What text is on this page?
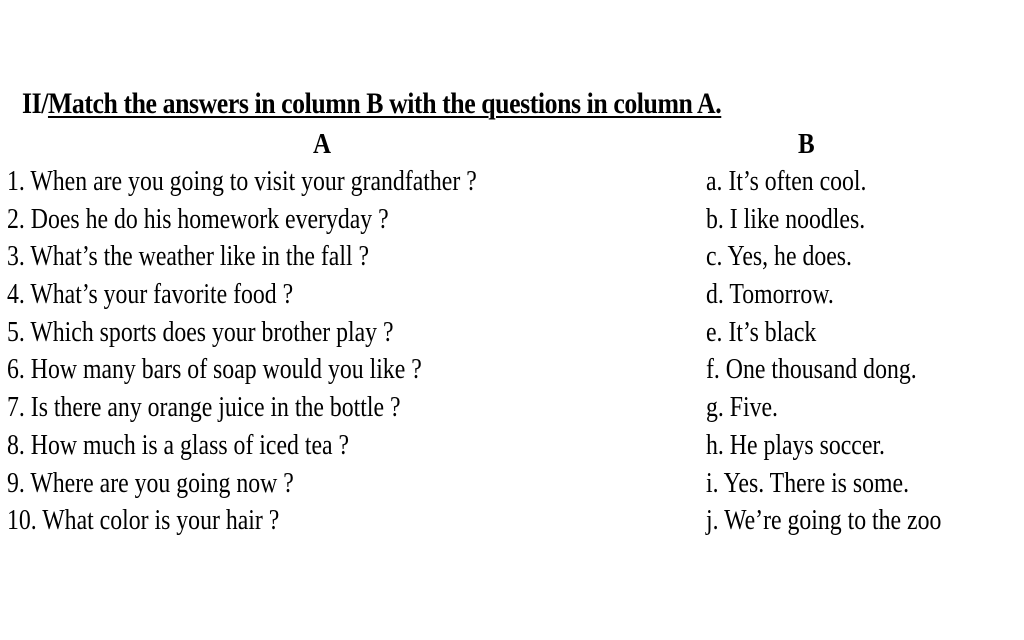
II/Match the answers in column B with the questions in column A.
A	B
1. When are you going to visit your grandfather ?
2. Does he do his homework everyday ?
3. What’s the weather like in the fall ?
4. What’s your favorite food ?
5. Which sports does your brother play ?
6. How many bars of soap would you like ?
7. Is there any orange juice in the bottle ?
8. How much is a glass of iced tea ?
9. Where are you going now ?
10. What color is your hair ?
a. It’s often cool.
b. I like noodles.
c. Yes, he does.
d. Tomorrow.
e. It’s black
f. One thousand dong.
g. Five.
h. He plays soccer.
i. Yes. There is some.
j. We’re going to the zoo
